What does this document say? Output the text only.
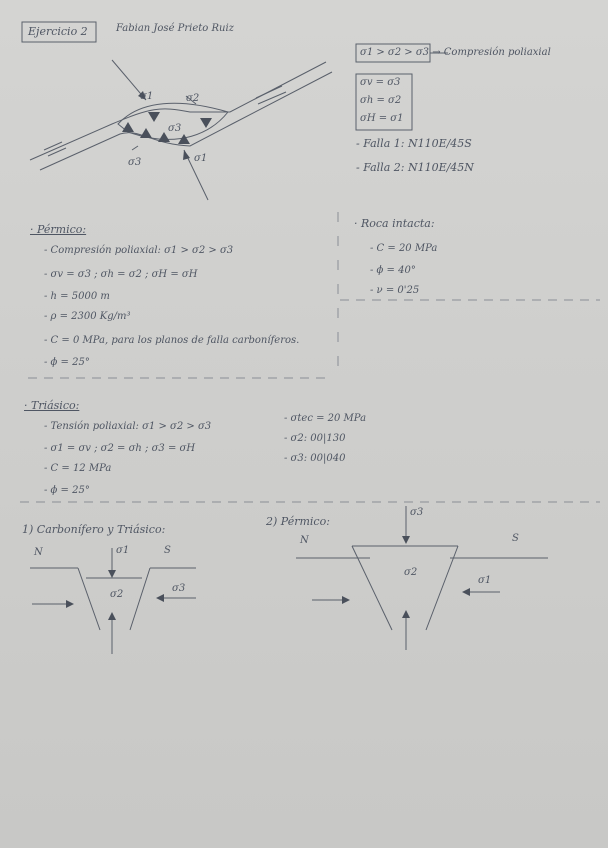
Ejercicio 2	Fabian José Prieto Ruiz
σ1	σ2
σ3
σ3	σ1
σ1 > σ2 > σ3 → Compresión poliaxial
σv = σ3
σh = σ2
σH = σ1
- Falla 1: N110E/45S
- Falla 2: N110E/45N
· Pérmico:
- Compresión poliaxial: σ1 > σ2 > σ3
- σv = σ3 ; σh = σ2 ; σH = σH
- h = 5000 m
- ρ = 2300 Kg/m³
- C = 0 MPa, para los planos de falla carboníferos.
- ϕ = 25°
· Roca intacta:
- C = 20 MPa
- ϕ = 40°
- ν = 0'25
· Triásico:
- Tensión poliaxial: σ1 > σ2 > σ3
- σ1 = σv ; σ2 = σh ; σ3 = σH
- C = 12 MPa
- ϕ = 25°
- σtec = 20 MPa
- σ2: 00|130
- σ3: 00|040
1) Carbonífero y Triásico:
N	S
σ1
σ2
σ3
2) Pérmico:
N	S
σ3
σ2
σ1
